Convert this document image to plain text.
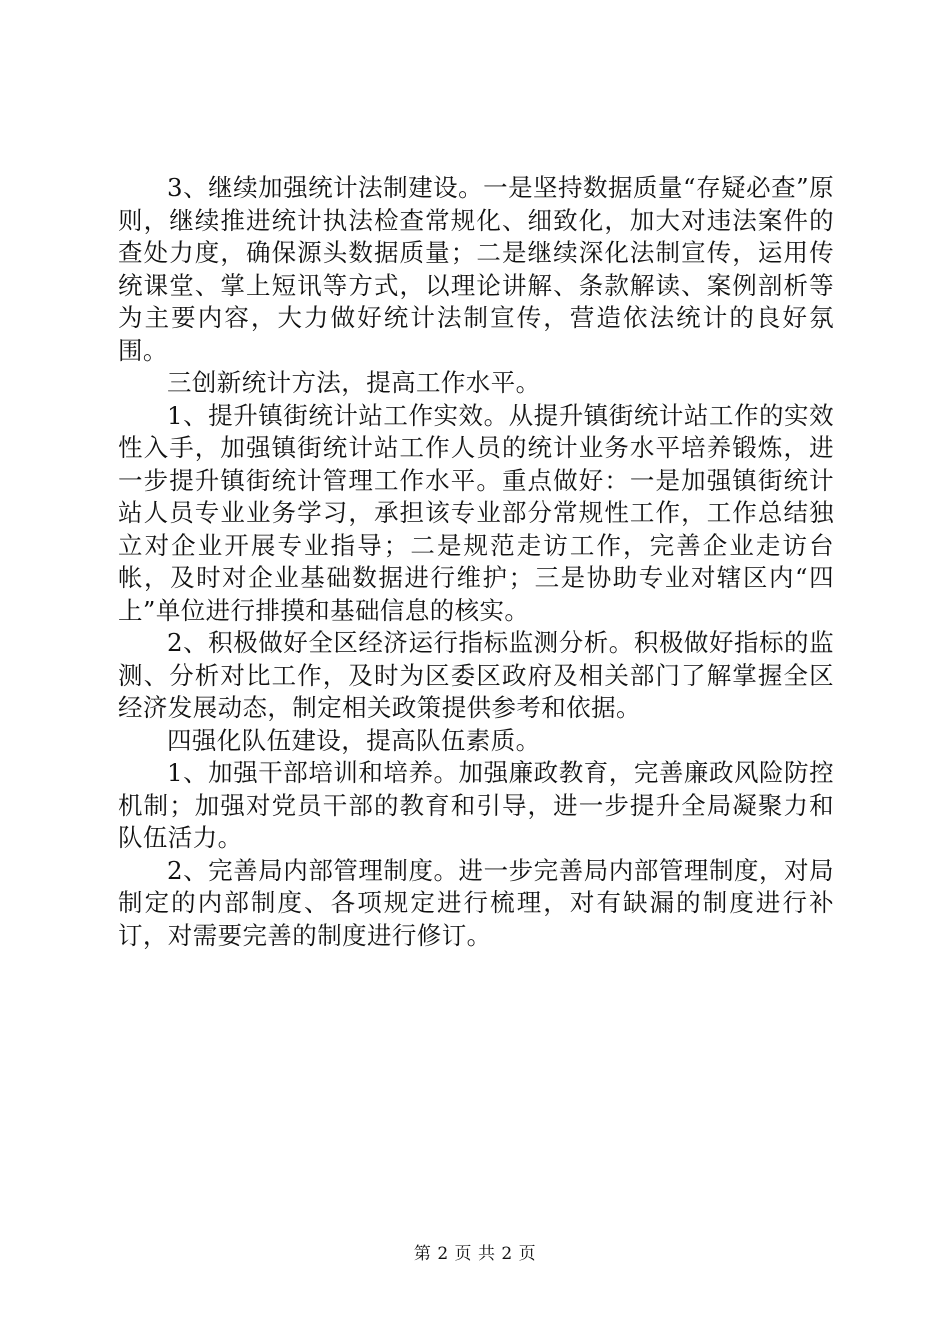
3、继续加强统计法制建设。一是坚持数据质量“存疑必查”原则，继续推进统计执法检查常规化、细致化，加大对违法案件的查处力度，确保源头数据质量；二是继续深化法制宣传，运用传统课堂、掌上短讯等方式，以理论讲解、条款解读、案例剖析等为主要内容，大力做好统计法制宣传，营造依法统计的良好氛围。

三创新统计方法，提高工作水平。

1、提升镇街统计站工作实效。从提升镇街统计站工作的实效性入手，加强镇街统计站工作人员的统计业务水平培养锻炼，进一步提升镇街统计管理工作水平。重点做好：一是加强镇街统计站人员专业业务学习，承担该专业部分常规性工作，工作总结独立对企业开展专业指导；二是规范走访工作，完善企业走访台帐，及时对企业基础数据进行维护；三是协助专业对辖区内“四上”单位进行排摸和基础信息的核实。

2、积极做好全区经济运行指标监测分析。积极做好指标的监测、分析对比工作，及时为区委区政府及相关部门了解掌握全区经济发展动态，制定相关政策提供参考和依据。

四强化队伍建设，提高队伍素质。

1、加强干部培训和培养。加强廉政教育，完善廉政风险防控机制；加强对党员干部的教育和引导，进一步提升全局凝聚力和队伍活力。

2、完善局内部管理制度。进一步完善局内部管理制度，对局制定的内部制度、各项规定进行梳理，对有缺漏的制度进行补订，对需要完善的制度进行修订。

第 2 页 共 2 页
